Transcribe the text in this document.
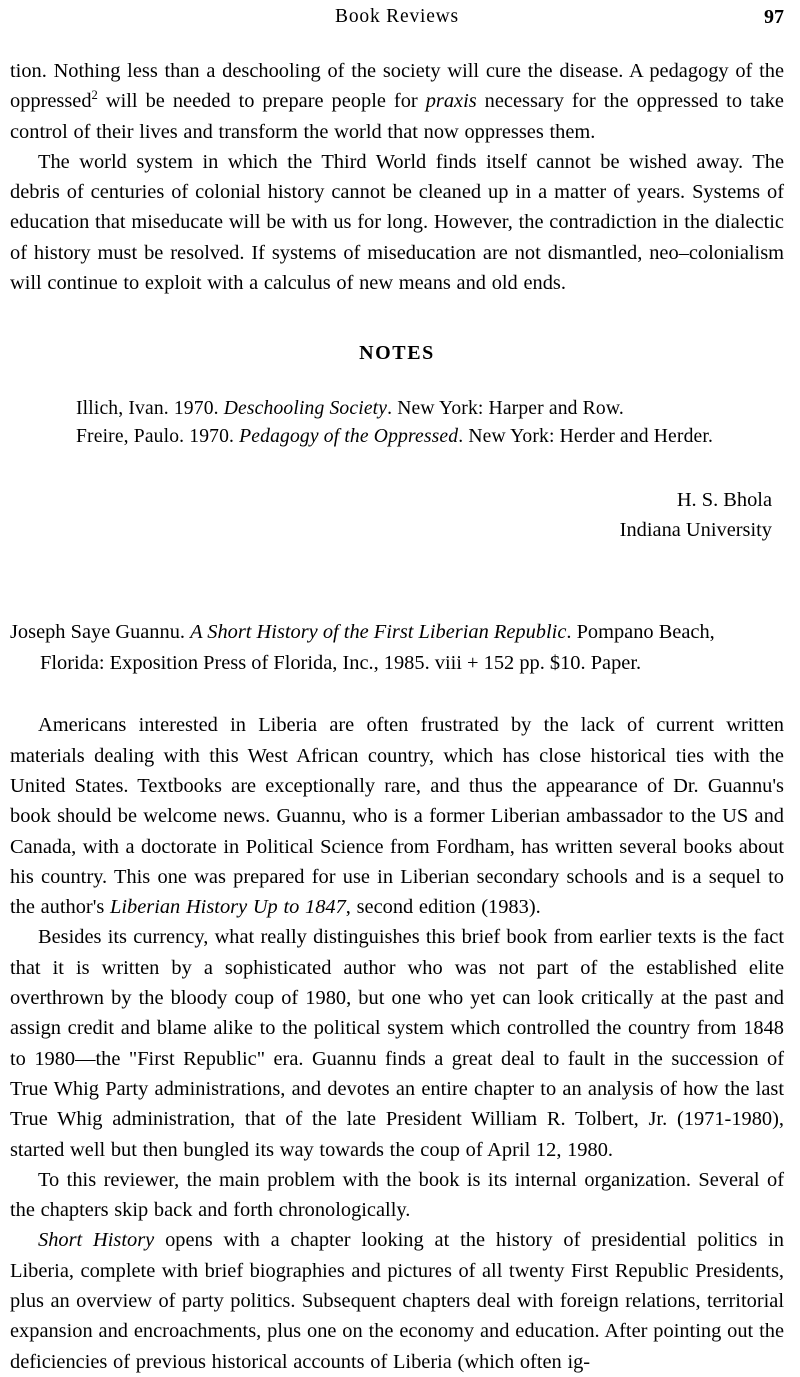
Book Reviews	97

tion. Nothing less than a deschooling of the society will cure the disease. A pedagogy of the oppressed$^2$ will be needed to prepare people for praxis necessary for the oppressed to take control of their lives and transform the world that now oppresses them.

The world system in which the Third World finds itself cannot be wished away. The debris of centuries of colonial history cannot be cleaned up in a matter of years. Systems of education that miseducate will be with us for long. However, the contradiction in the dialectic of history must be resolved. If systems of miseducation are not dismantled, neo–colonialism will continue to exploit with a calculus of new means and old ends.

NOTES
Illich, Ivan. 1970. Deschooling Society. New York: Harper and Row.
Freire, Paulo. 1970. Pedagogy of the Oppressed. New York: Herder and Herder.
H. S. Bhola
Indiana University
Joseph Saye Guannu. A Short History of the First Liberian Republic. Pompano Beach, Florida: Exposition Press of Florida, Inc., 1985. viii + 152 pp. $10. Paper.

Americans interested in Liberia are often frustrated by the lack of current written materials dealing with this West African country, which has close historical ties with the United States. Textbooks are exceptionally rare, and thus the appearance of Dr. Guannu's book should be welcome news. Guannu, who is a former Liberian ambassador to the US and Canada, with a doctorate in Political Science from Fordham, has written several books about his country. This one was prepared for use in Liberian secondary schools and is a sequel to the author's Liberian History Up to 1847, second edition (1983).

Besides its currency, what really distinguishes this brief book from earlier texts is the fact that it is written by a sophisticated author who was not part of the established elite overthrown by the bloody coup of 1980, but one who yet can look critically at the past and assign credit and blame alike to the political system which controlled the country from 1848 to 1980—the "First Republic" era. Guannu finds a great deal to fault in the succession of True Whig Party administrations, and devotes an entire chapter to an analysis of how the last True Whig administration, that of the late President William R. Tolbert, Jr. (1971-1980), started well but then bungled its way towards the coup of April 12, 1980.

To this reviewer, the main problem with the book is its internal organization. Several of the chapters skip back and forth chronologically.

Short History opens with a chapter looking at the history of presidential politics in Liberia, complete with brief biographies and pictures of all twenty First Republic Presidents, plus an overview of party politics. Subsequent chapters deal with foreign relations, territorial expansion and encroachments, plus one on the economy and education. After pointing out the deficiencies of previous historical accounts of Liberia (which often ig-
